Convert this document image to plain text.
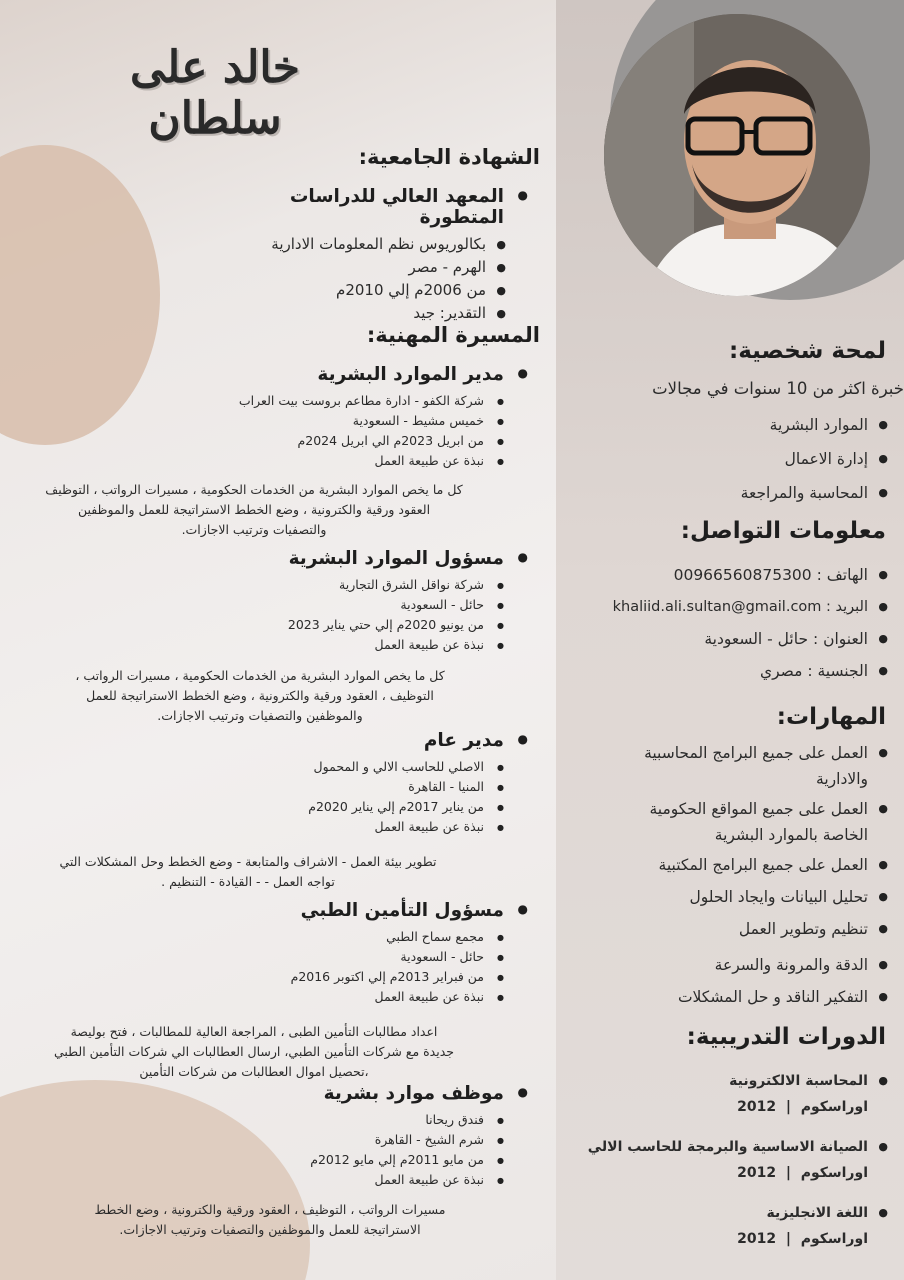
خالد على سلطان
الشهادة الجامعية:
● المعهد العالي للدراسات المتطورة
● بكالوريوس نظم المعلومات الادارية
● الهرم - مصر
● من 2006م إلي 2010م
● التقدير: جيد
المسيرة المهنية:
● مدير الموارد البشرية
● شركة الكفو - ادارة مطاعم بروست بيت العراب
● خميس مشيط - السعودية
● من ابريل 2023م الي ابريل 2024م
● نبذة عن طبيعة العمل

كل ما يخص الموارد البشرية من الخدمات الحكومية ، مسيرات الرواتب ، التوظيف

العقود ورقية والكترونية ، وضع الخطط الاستراتيجة للعمل والموظفين

والتصفيات وترتيب الاجازات.

● مسؤول الموارد البشرية
● شركة نواقل الشرق التجارية
● حائل - السعودية
● من يونيو 2020م إلي حتي يناير 2023
● نبذة عن طبيعة العمل

كل ما يخص الموارد البشرية من الخدمات الحكومية ، مسيرات الرواتب ،

التوظيف ، العقود ورقية والكترونية ، وضع الخطط الاستراتيجة للعمل

والموظفين والتصفيات وترتيب الاجازات.

● مدير عام
● الاصلي للحاسب الالي و المحمول
● المنيا - القاهرة
● من يناير 2017م إلي يناير 2020م
● نبذة عن طبيعة العمل

تطوير بيئة العمل - الاشراف والمتابعة - وضع الخطط وحل المشكلات التي

تواجه العمل - - القيادة - التنظيم .

● مسؤول التأمين الطبي
● مجمع سماح الطبي
● حائل - السعودية
● من فبراير 2013م إلي اكتوبر 2016م
● نبذة عن طبيعة العمل

اعداد مطالبات التأمين الطبى ، المراجعة العالية للمطالبات ، فتح بوليصة

جديدة مع شركات التأمين الطبي، ارسال العطالبات الي شركات التأمين الطبي

،تحصيل اموال العطالبات من شركات التأمين

● موظف موارد بشرية
● فندق ريحانا
● شرم الشيخ - القاهرة
● من مايو 2011م إلي مايو 2012م
● نبذة عن طبيعة العمل

مسيرات الرواتب ، التوظيف ، العقود ورقية والكترونية ، وضع الخطط

الاستراتيجة للعمل والموظفين والتصفيات وترتيب الاجازات.

لمحة شخصية:
خبرة اكثر من 10 سنوات في مجالات
● الموارد البشرية
● إدارة الاعمال
● المحاسبة والمراجعة
معلومات التواصل:
● الهاتف : 00966560875300
● البريد : khaliid.ali.sultan@gmail.com
● العنوان : حائل - السعودية
● الجنسية : مصري
المهارات:
● العمل على جميع البرامج المحاسبية والادارية
● العمل على جميع المواقع الحكومية الخاصة بالموارد البشرية
● العمل على جميع البرامج المكتبية
● تحليل البيانات وايجاد الحلول
● تنظيم وتطوير العمل
● الدقة والمرونة والسرعة
● التفكير الناقد و حل المشكلات
الدورات التدريبية:
● المحاسبة الالكترونية
اوراسكوم  |  2012
● الصيانة الاساسية والبرمجة للحاسب الالي
اوراسكوم  |  2012
● اللغة الانجليزية
اوراسكوم  |  2012
